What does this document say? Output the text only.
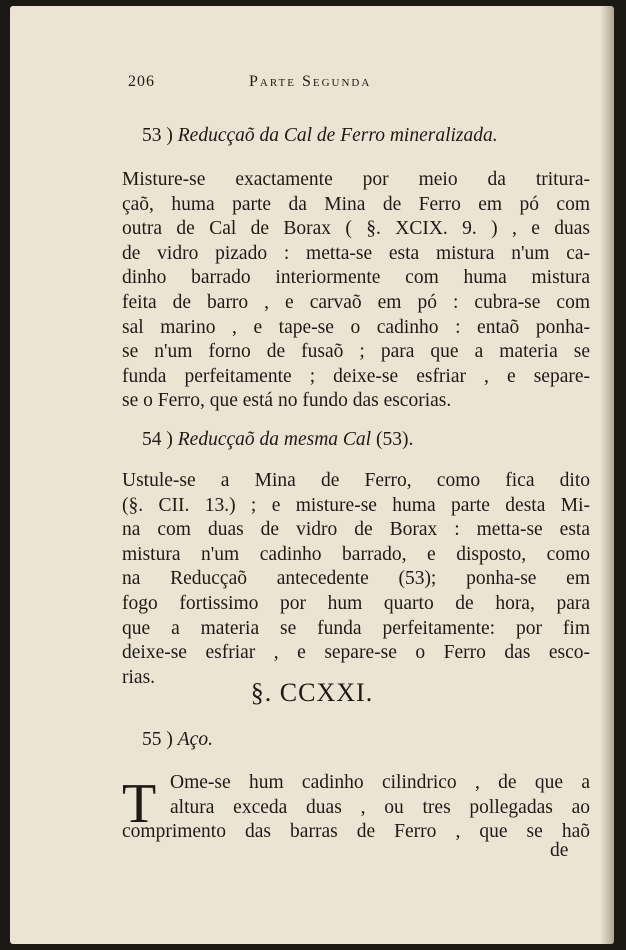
206	Parte Segunda
53 ) Reducçaõ da Cal de Ferro mineralizada.
Misture-se exactamente por meio da tritura-
çaõ, huma parte da Mina de Ferro em pó com
outra de Cal de Borax ( §. XCIX. 9. ) , e duas
de vidro pizado : metta-se esta mistura n'um ca-
dinho barrado interiormente com huma mistura
feita de barro , e carvaõ em pó : cubra-se com
sal marino , e tape-se o cadinho : entaõ ponha-
se n'um forno de fusaõ ; para que a materia se
funda perfeitamente ; deixe-se esfriar , e separe-
se o Ferro, que está no fundo das escorias.
54 ) Reducçaõ da mesma Cal (53).
Ustule-se a Mina de Ferro, como fica dito
(§. CII. 13.) ; e misture-se huma parte desta Mi-
na com duas de vidro de Borax : metta-se esta
mistura n'um cadinho barrado, e disposto, como
na Reducçaõ antecedente (53); ponha-se em
fogo fortissimo por hum quarto de hora, para
que a materia se funda perfeitamente: por fim
deixe-se esfriar , e separe-se o Ferro das esco-
rias.
§. CCXXI.
55 ) Aço.
T Ome-se hum cadinho cilindrico , de que a
altura exceda duas , ou tres pollegadas ao
comprimento das barras de Ferro , que se haõ
de
